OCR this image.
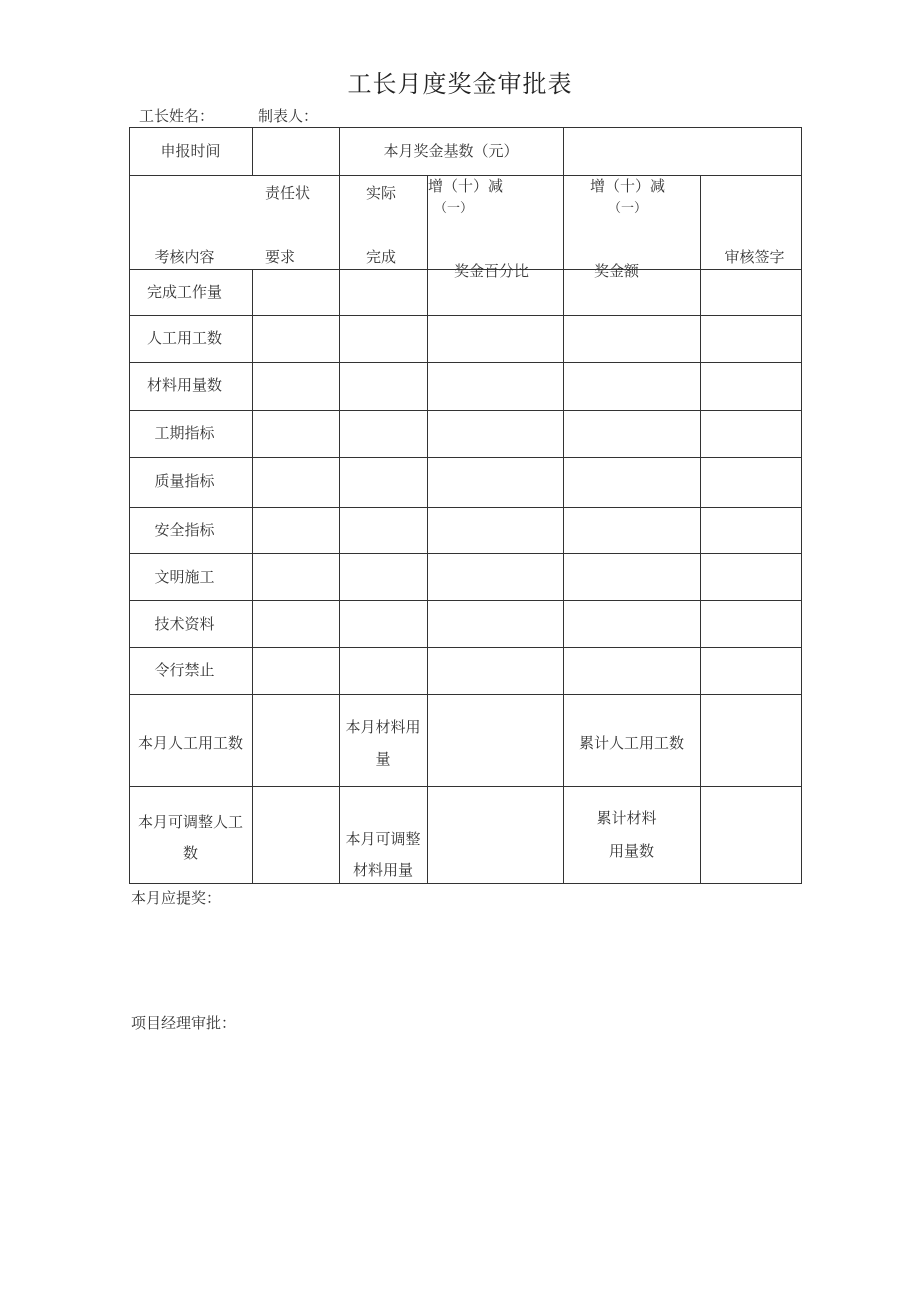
工长月度奖金审批表
工长姓名：	制表人：
申报时间	本月奖金基数（元）
考核内容
责任状
要求
实际
完成
增（十）减
（一）
奖金百分比
增（十）减
（一）
奖金额
审核签字
完成工作量
人工用工数
材料用量数
工期指标
质量指标
安全指标
文明施工
技术资料
令行禁止
本月人工用工数
本月材料用
量
累计人工用工数
本月可调整人工
数
本月可调整
材料用量
累计材料
用量数
本月应提奖：
项目经理审批：
